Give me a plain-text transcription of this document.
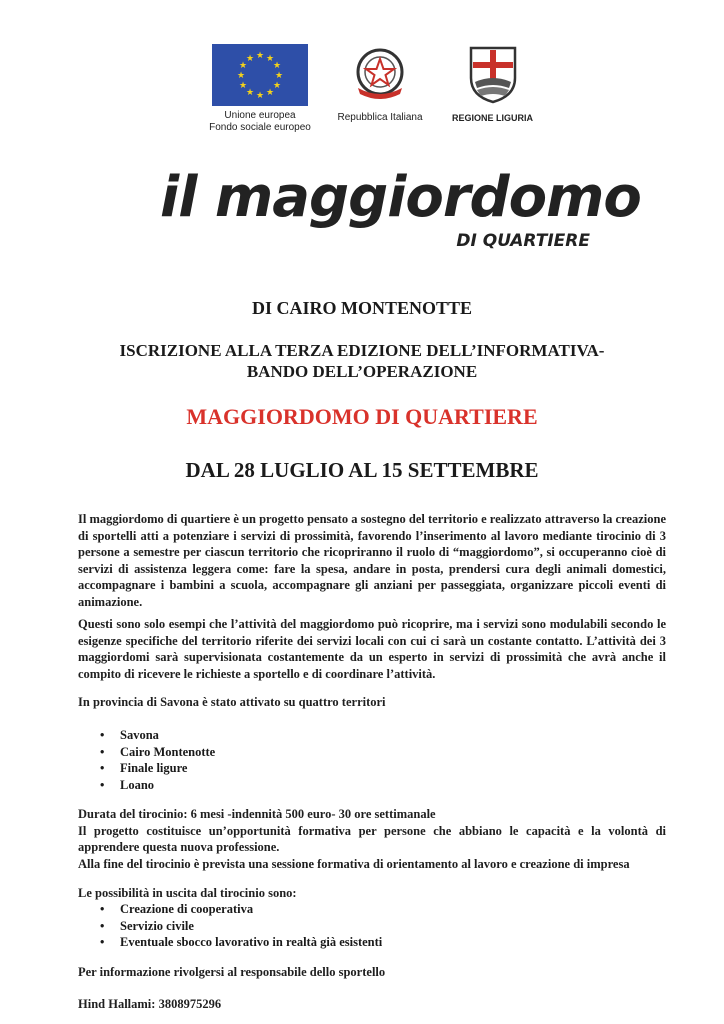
★ ★
★
★
★
★
★
★
★
★
★
★
Unione europea
Fondo sociale europeo
Repubblica Italiana	REGIONE LIGURIA
il maggiordomo
DI QUARTIERE
DI CAIRO MONTENOTTE
ISCRIZIONE ALLA TERZA EDIZIONE DELL’INFORMATIVA-
BANDO DELL’OPERAZIONE
MAGGIORDOMO DI QUARTIERE
DAL 28 LUGLIO AL 15 SETTEMBRE
Il maggiordomo di quartiere è un progetto pensato a sostegno del territorio e realizzato attraverso la creazione di sportelli atti a potenziare i servizi di prossimità, favorendo l’inserimento al lavoro mediante tirocinio di 3 persone a semestre per ciascun territorio che ricopriranno il ruolo di “maggiordomo”, si occuperanno cioè di servizi di assistenza leggera come: fare la spesa, andare in posta, prendersi cura degli animali domestici, accompagnare i bambini a scuola, accompagnare gli anziani per passeggiata, organizzare piccoli eventi di animazione.
Questi sono solo esempi che l’attività del maggiordomo può ricoprire, ma i servizi sono modulabili secondo le esigenze specifiche del territorio riferite dei servizi locali con cui ci sarà un costante contatto. L’attività dei 3 maggiordomi sarà supervisionata costantemente da un esperto in servizi di prossimità che avrà anche il compito di ricevere le richieste a sportello e di coordinare l’attività.
In provincia di Savona è stato attivato su quattro territori
• Savona
• Cairo Montenotte
• Finale ligure
• Loano
Durata del tirocinio: 6 mesi -indennità 500 euro- 30 ore settimanale
Il progetto costituisce un’opportunità formativa per persone che abbiano le capacità e la volontà di apprendere questa nuova professione.
Alla fine del tirocinio è prevista una sessione formativa di orientamento al lavoro e creazione di impresa
Le possibilità in uscita dal tirocinio sono:
• Creazione di cooperativa
• Servizio civile
• Eventuale sbocco lavorativo in realtà già esistenti
Per informazione rivolgersi al responsabile dello sportello
Hind Hallami: 3808975296
